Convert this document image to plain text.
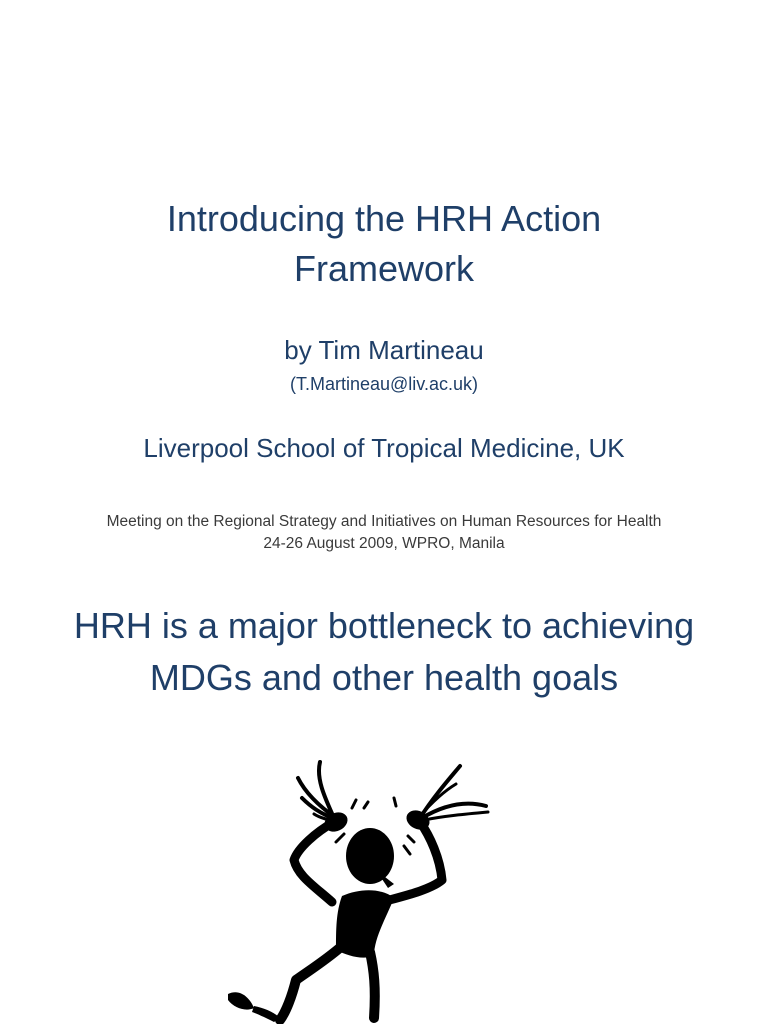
Introducing the HRH Action
Framework
by Tim Martineau
(T.Martineau@liv.ac.uk)
Liverpool School of Tropical Medicine, UK
Meeting on the Regional Strategy and Initiatives on Human Resources for Health
24-26 August 2009, WPRO, Manila
HRH is a major bottleneck to achieving
MDGs and other health goals
